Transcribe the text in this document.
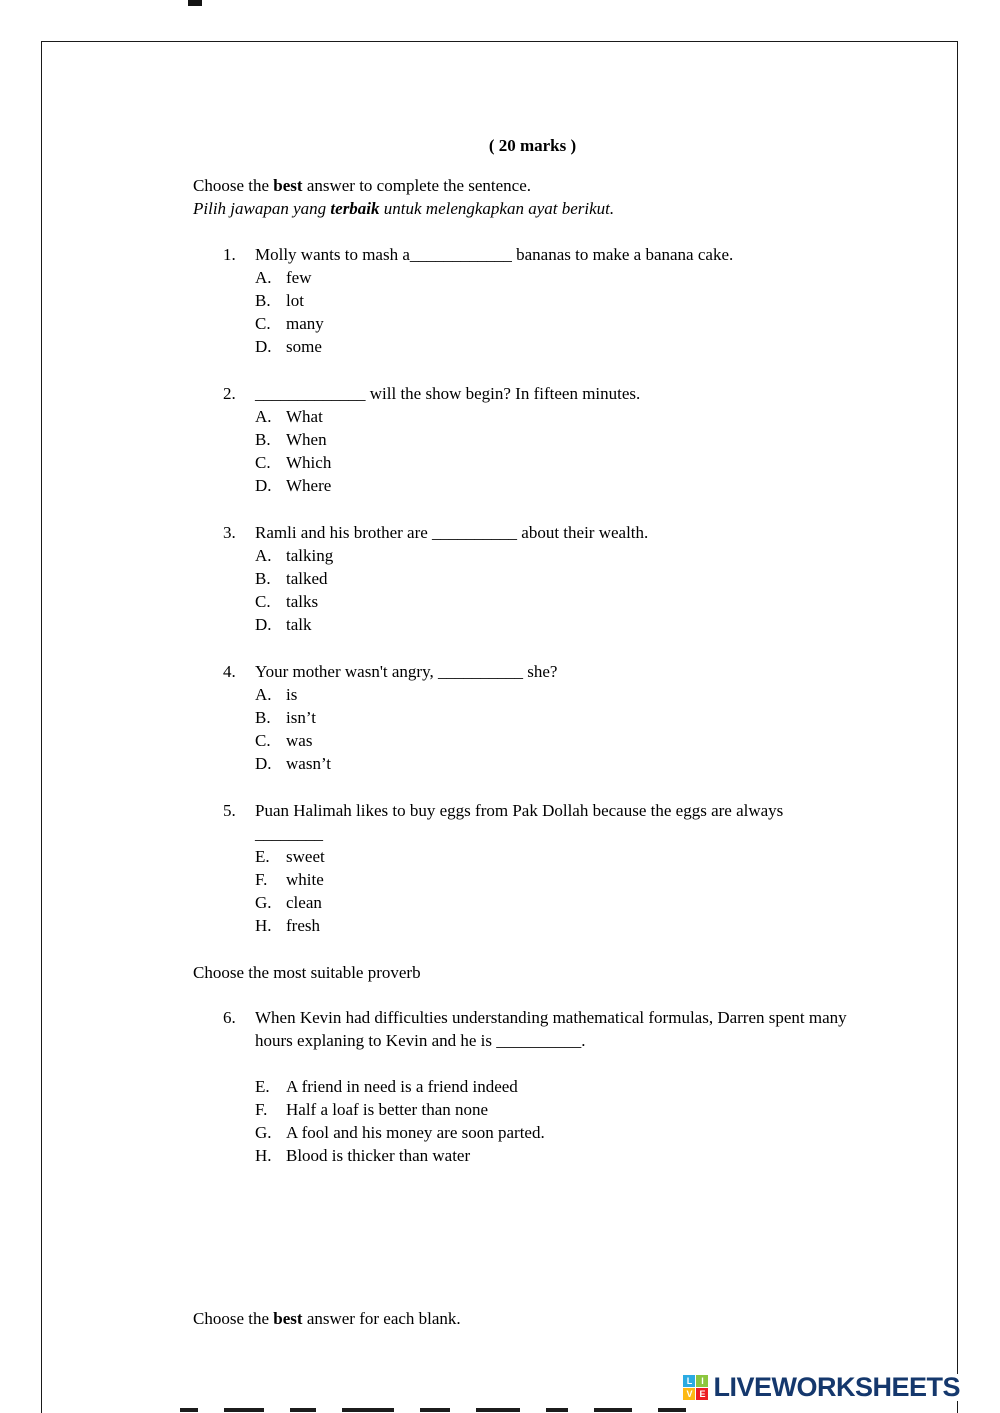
( 20 marks )
Choose the best answer to complete the sentence.
Pilih jawapan yang terbaik untuk melengkapkan ayat berikut.
1.	Molly wants to mash a____________ bananas to make a banana cake.
A. few
B. lot
C. many
D. some
2.	_____________ will the show begin? In fifteen minutes.
A. What
B. When
C. Which
D. Where
3.	Ramli and his brother are __________ about their wealth.
A. talking
B. talked
C. talks
D. talk
4.	Your mother wasn't angry, __________ she?
A. is
B. isn’t
C. was
D. wasn’t
5.	Puan Halimah likes to buy eggs from Pak Dollah because the eggs are always
________
E. sweet
F.	white
G. clean
H. fresh
Choose the most suitable proverb
6.	When Kevin had difficulties understanding mathematical formulas, Darren spent many hours explaning to Kevin and he is __________.
E. A friend in need is a friend indeed
F.	Half a loaf is better than none
G. A fool and his money are soon parted.
H. Blood is thicker than water
Choose the best answer for each blank.
L I
V E LIVEWORKSHEETS
